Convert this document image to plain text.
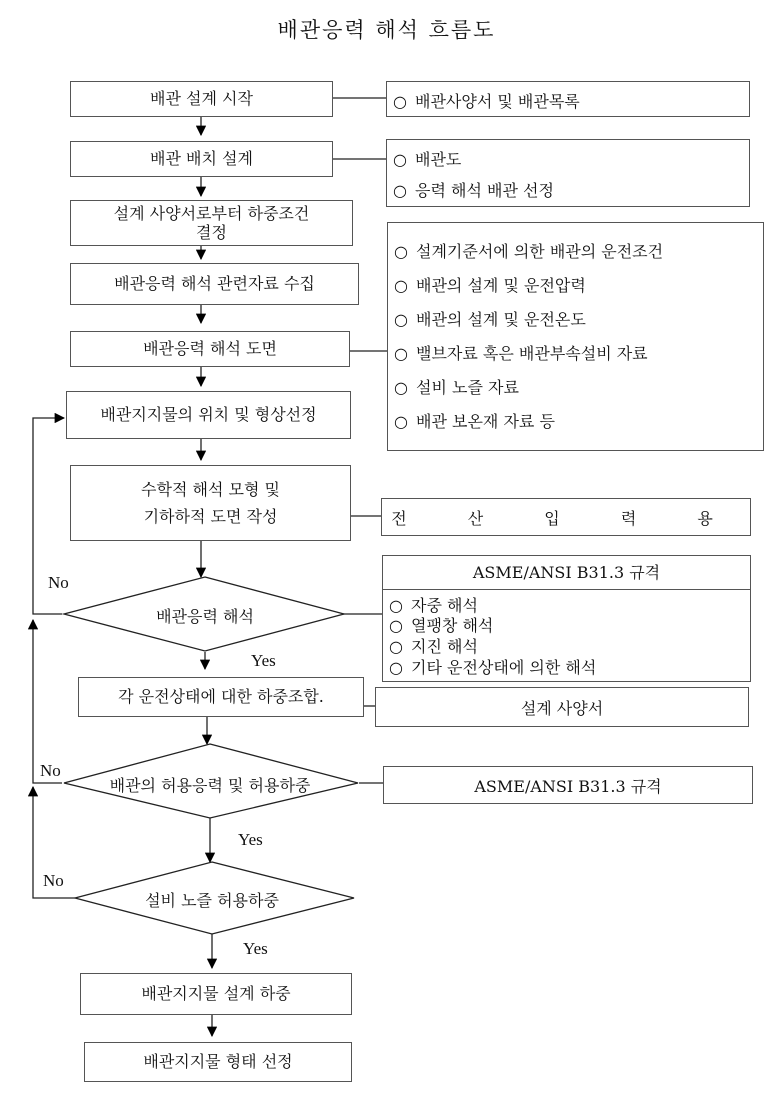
배관응력 해석 흐름도
배관 설계 시작
배관 배치 설계
설계 사양서로부터 하중조건
결정
배관응력 해석 관련자료 수집
배관응력 해석 도면
배관지지물의 위치 및 형상선정
수학적 해석 모형 및
기하하적 도면 작성
각 운전상태에 대한 하중조합.
배관지지물 설계 하중
배관지지물 형태 선정
배관응력 해석
배관의 허용응력 및 허용하중
설비 노즐 허용하중
○ 배관사양서 및 배관목록
○ 배관도
○ 응력 해석 배관 선정
○ 설계기준서에 의한 배관의 운전조건
○ 배관의 설계 및 운전압력
○ 배관의 설계 및 운전온도
○ 밸브자료 혹은 배관부속설비 자료
○ 설비 노즐 자료
○ 배관 보온재 자료 등
전 산 입 력 용
ASME/ANSI B31.3 규격
○ 자중 해석
○ 열팽창 해석
○ 지진 해석
○ 기타 운전상태에 의한 해석
설계 사양서
ASME/ANSI B31.3 규격
No
Yes
No
Yes
No
Yes
